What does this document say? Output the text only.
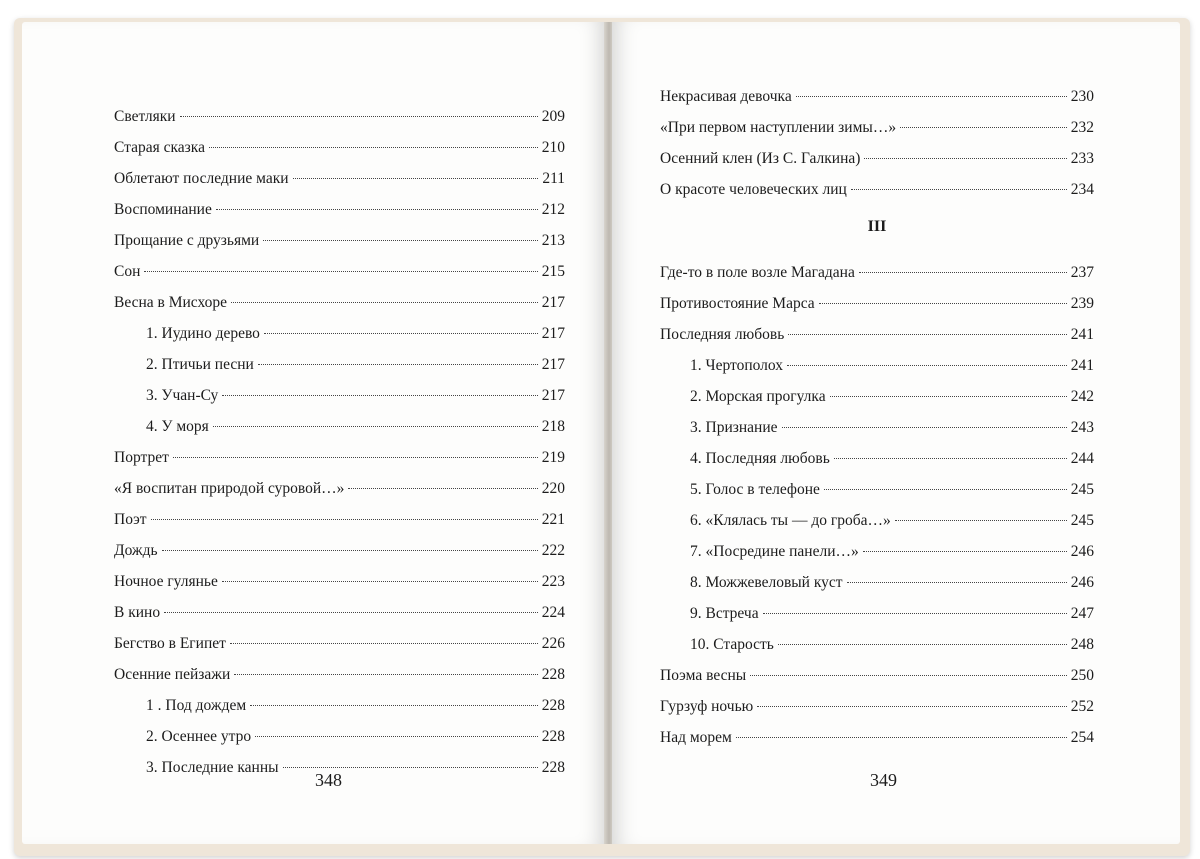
Светляки	209
Старая сказка	210
Облетают последние маки	211
Воспоминание	212
Прощание с друзьями	213
Сон	215
Весна в Мисхоре	217
1. Иудино дерево	217
2. Птичьи песни	217
3. Учан-Су	217
4. У моря	218
Портрет	219
«Я воспитан природой суровой…»	220
Поэт	221
Дождь	222
Ночное гулянье	223
В кино	224
Бегство в Египет	226
Осенние пейзажи	228
1 . Под дождем	228
2. Осеннее утро	228
3. Последние канны	228
348
Некрасивая девочка	230
«При первом наступлении зимы…»	232
Осенний клен (Из С. Галкина)	233
О красоте человеческих лиц	234
III
Где-то в поле возле Магадана	237
Противостояние Марса	239
Последняя любовь	241
1. Чертополох	241
2. Морская прогулка	242
3. Признание	243
4. Последняя любовь	244
5. Голос в телефоне	245
6. «Клялась ты — до гроба…»	245
7. «Посредине панели…»	246
8. Можжевеловый куст	246
9. Встреча	247
10. Старость	248
Поэма весны	250
Гурзуф ночью	252
Над морем	254
349
